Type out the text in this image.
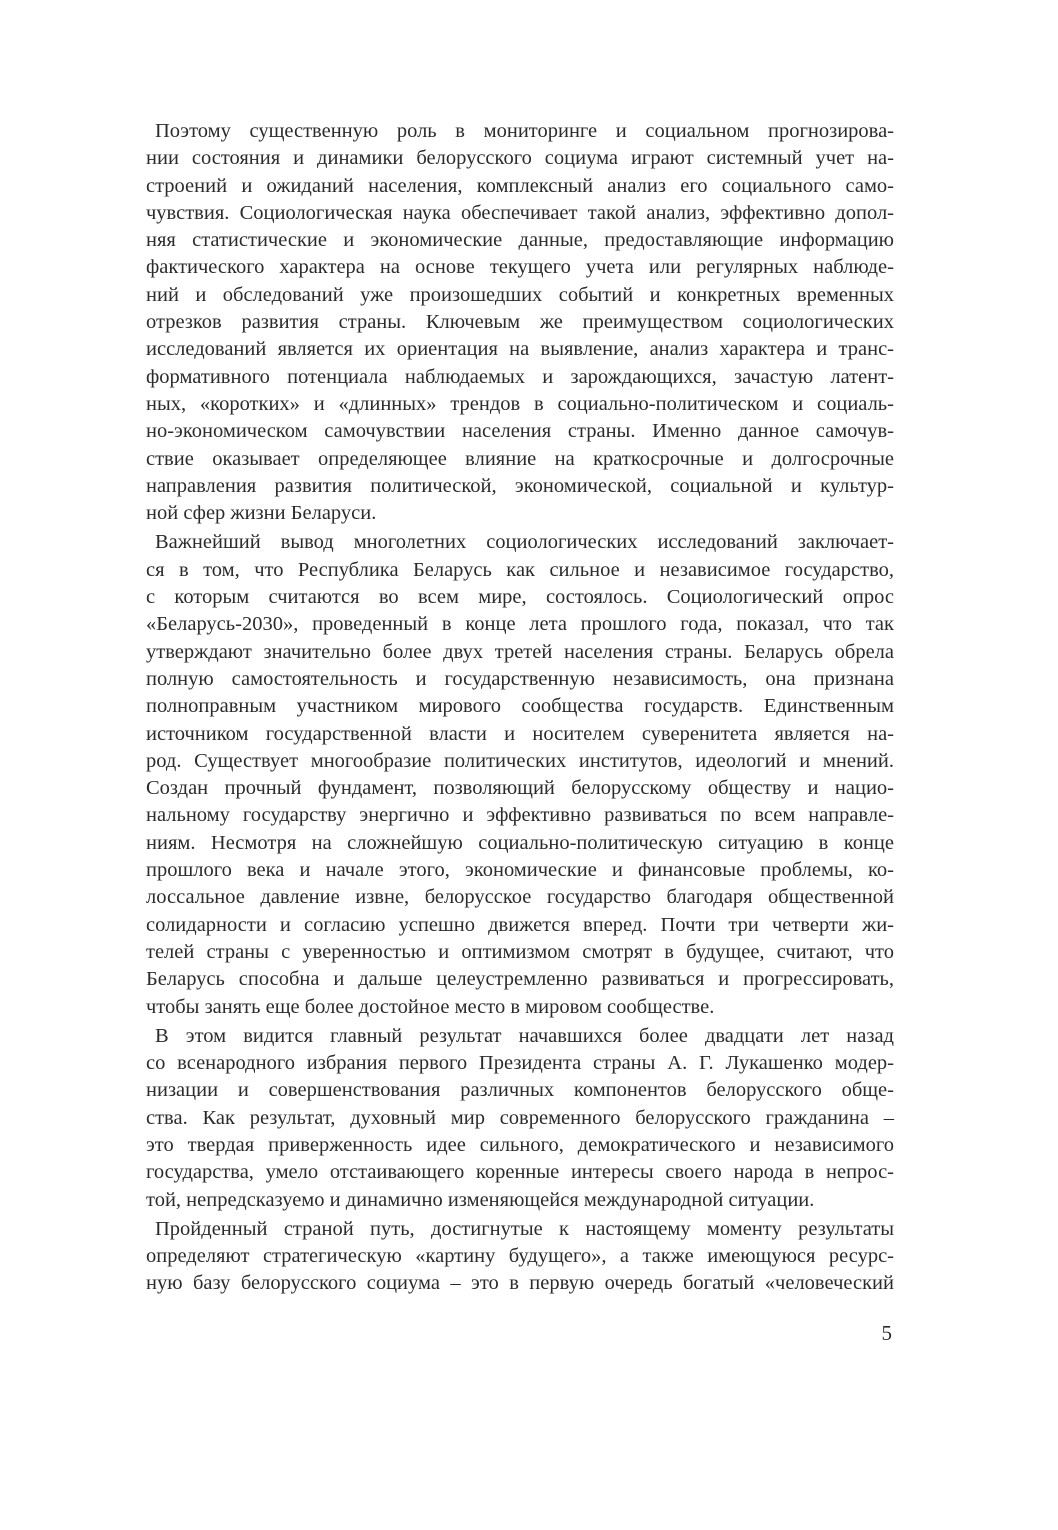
Поэтому существенную роль в мониторинге и социальном прогнозирова-
нии состояния и динамики белорусского социума играют системный учет на-
строений и ожиданий населения, комплексный анализ его социального само-
чувствия. Социологическая наука обеспечивает такой анализ, эффективно допол-
няя статистические и экономические данные, предоставляющие информацию
фактического характера на основе текущего учета или регулярных наблюде-
ний и обследований уже произошедших событий и конкретных временных
отрезков развития страны. Ключевым же преимуществом социологических
исследований является их ориентация на выявление, анализ характера и транс-
формативного потенциала наблюдаемых и зарождающихся, зачастую латент-
ных, «коротких» и «длинных» трендов в социально-политическом и социаль-
но-экономическом самочувствии населения страны. Именно данное самочув-
ствие оказывает определяющее влияние на краткосрочные и долгосрочные
направления развития политической, экономической, социальной и культур-
ной сфер жизни Беларуси.
Важнейший вывод многолетних социологических исследований заключает-
ся в том, что Республика Беларусь как сильное и независимое государство,
с которым считаются во всем мире, состоялось. Социологический опрос
«Беларусь-2030», проведенный в конце лета прошлого года, показал, что так
утверждают значительно более двух третей населения страны. Беларусь обрела
полную самостоятельность и государственную независимость, она признана
полноправным участником мирового сообщества государств. Единственным
источником государственной власти и носителем суверенитета является на-
род. Существует многообразие политических институтов, идеологий и мнений.
Создан прочный фундамент, позволяющий белорусскому обществу и нацио-
нальному государству энергично и эффективно развиваться по всем направле-
ниям. Несмотря на сложнейшую социально-политическую ситуацию в конце
прошлого века и начале этого, экономические и финансовые проблемы, ко-
лоссальное давление извне, белорусское государство благодаря общественной
солидарности и согласию успешно движется вперед. Почти три четверти жи-
телей страны с уверенностью и оптимизмом смотрят в будущее, считают, что
Беларусь способна и дальше целеустремленно развиваться и прогрессировать,
чтобы занять еще более достойное место в мировом сообществе.
В этом видится главный результат начавшихся более двадцати лет назад
со всенародного избрания первого Президента страны А. Г. Лукашенко модер-
низации и совершенствования различных компонентов белорусского обще-
ства. Как результат, духовный мир современного белорусского гражданина –
это твердая приверженность идее сильного, демократического и независимого
государства, умело отстаивающего коренные интересы своего народа в непрос-
той, непредсказуемо и динамично изменяющейся международной ситуации.
Пройденный страной путь, достигнутые к настоящему моменту результаты
определяют стратегическую «картину будущего», а также имеющуюся ресурс-
ную базу белорусского социума – это в первую очередь богатый «человеческий
5
